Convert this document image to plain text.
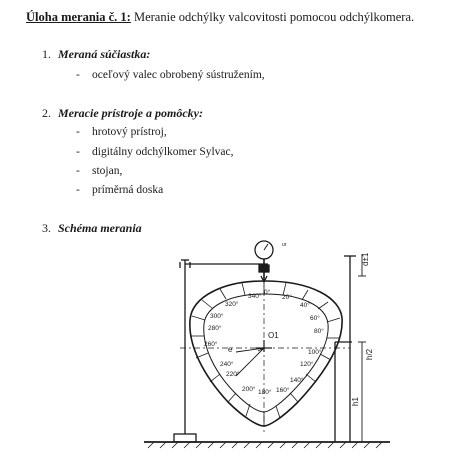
Úloha merania č. 1: Meranie odchýlky valcovitosti pomocou odchýlkomera.
1. Meraná súčiastka:
- oceľový valec obrobený sústružením,
2. Meracie prístroje a pomôcky:
- hrotový prístroj,
- digitálny odchýlkomer Sylvac,
- stojan,
- príměrná doska
3. Schéma merania
340°
0°
20°
320°	40°
300°	60°
280°	80°
260°
100°
240°	120°
220°
140°
200° 180° 160°
O1
e
d±1
h/2
h1
ur
